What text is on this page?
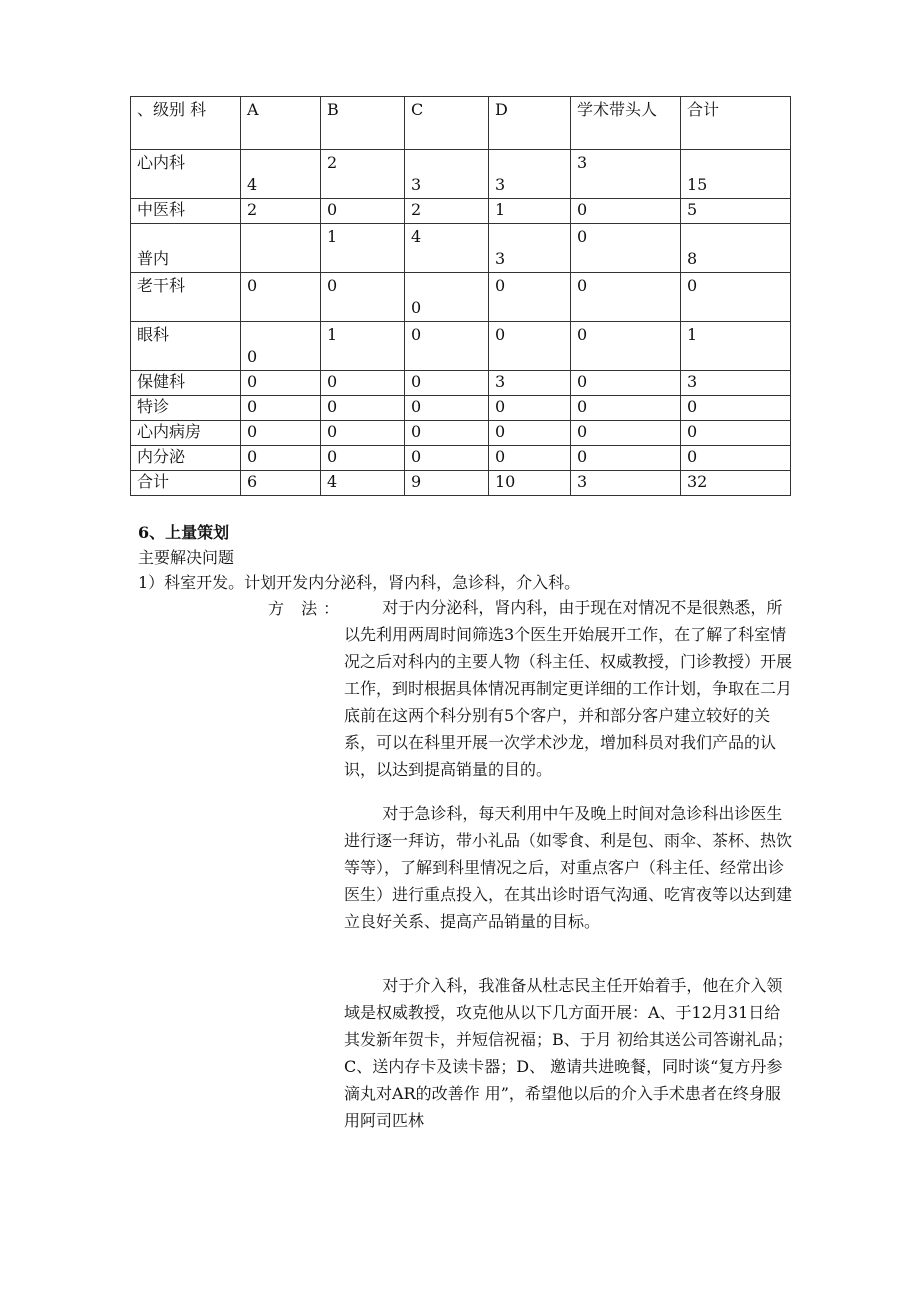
、级别 科	A	B	C	D	学术带头人	合计

心内科	4	2	3	3	3	15

中医科	2	0	2	1	0	5

普内		1	4	3	0	8

老干科	0	0	0	0	0	0

眼科	0	1	0	0	0	1

保健科	0	0	0	3	0	3

特诊	0	0	0	0	0	0

心内病房	0	0	0	0	0	0

内分泌	0	0	0	0	0	0

合计	6	4	9	10	3	32
6、上量策划
主要解决问题
1）科室开发。计划开发内分泌科，肾内科，急诊科，介入科。
方 法：	对于内分泌科，肾内科，由于现在对情况不是很熟悉，所以先利用两周时间筛选3个医生开始展开工作，在了解了科室情况之后对科内的主要人物（科主任、权威教授，门诊教授）开展工作，到时根据具体情况再制定更详细的工作计划，争取在二月底前在这两个科分别有5个客户，并和部分客户建立较好的关系，可以在科里开展一次学术沙龙，增加科员对我们产品的认识，以达到提高销量的目的。
对于急诊科，每天利用中午及晚上时间对急诊科出诊医生进行逐一拜访，带小礼品（如零食、利是包、雨伞、茶杯、热饮等等），了解到科里情况之后，对重点客户（科主任、经常出诊医生）进行重点投入，在其出诊时语气沟通、吃宵夜等以达到建立良好关系、提高产品销量的目标。
对于介入科，我准备从杜志民主任开始着手，他在介入领域是权威教授，攻克他从以下几方面开展：A、于12月31日给其发新年贺卡，并短信祝福；B、于月 初给其送公司答谢礼品；C、送内存卡及读卡器；D、 邀请共进晚餐，同时谈“复方丹参滴丸对AR的改善作 用”，希望他以后的介入手术患者在终身服用阿司匹林
